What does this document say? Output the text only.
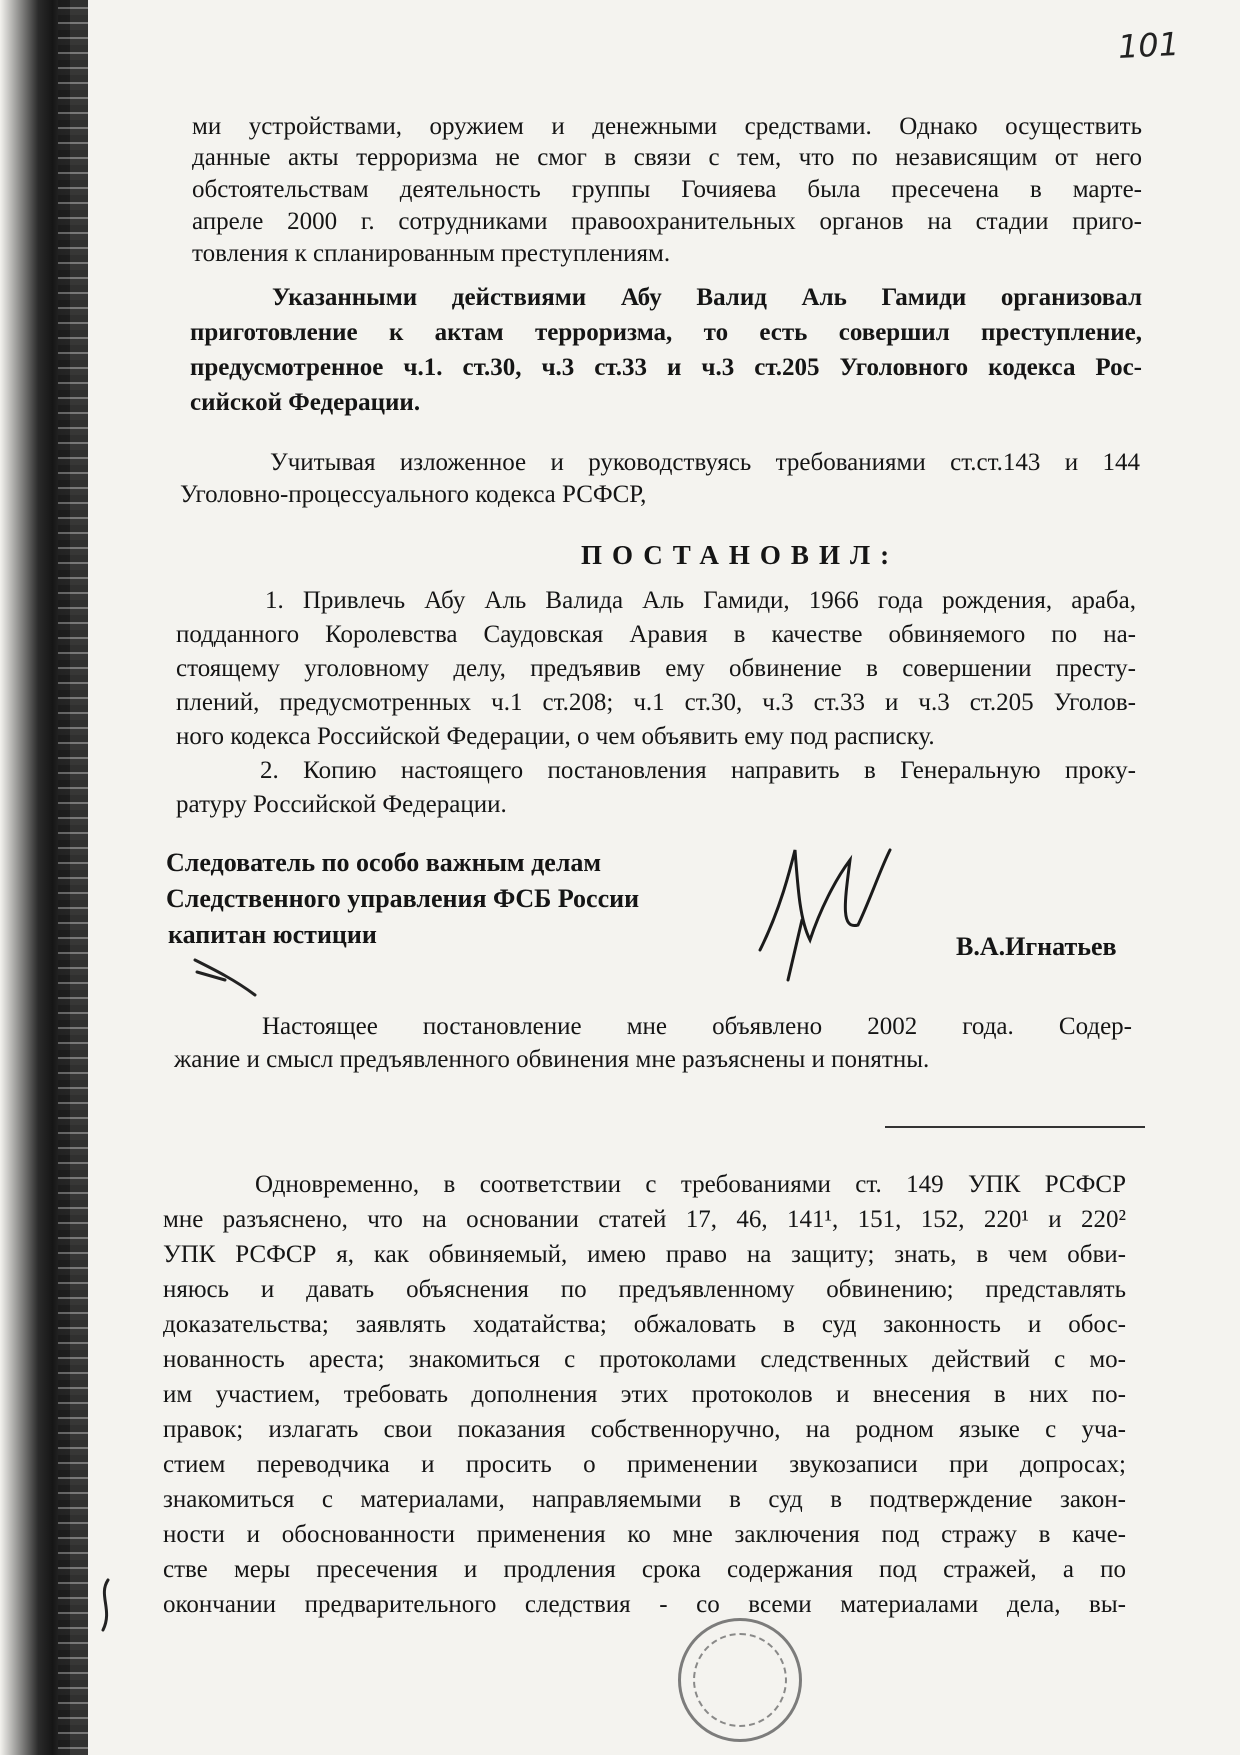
101
ми устройствами, оружием и денежными средствами. Однако осуществить
данные акты терроризма не смог в связи с тем, что по независящим от него
обстоятельствам деятельность группы Гочияева была пресечена в марте-
апреле 2000 г. сотрудниками правоохранительных органов на стадии приго-
товления к спланированным преступлениям.
Указанными действиями Абу Валид Аль Гамиди организовал
приготовление к актам терроризма, то есть совершил преступление,
предусмотренное ч.1. ст.30, ч.3 ст.33 и ч.3 ст.205 Уголовного кодекса Рос-
сийской Федерации.
Учитывая изложенное и руководствуясь требованиями ст.ст.143 и 144
Уголовно-процессуального кодекса РСФСР,
ПОСТАНОВИЛ:
1. Привлечь Абу Аль Валида Аль Гамиди, 1966 года рождения, араба,
подданного Королевства Саудовская Аравия в качестве обвиняемого по на-
стоящему уголовному делу, предъявив ему обвинение в совершении престу-
плений, предусмотренных ч.1 ст.208; ч.1 ст.30, ч.3 ст.33 и ч.3 ст.205 Уголов-
ного кодекса Российской Федерации, о чем объявить ему под расписку.
2. Копию настоящего постановления направить в Генеральную проку-
ратуру Российской Федерации.
Следователь по особо важным делам
Следственного управления ФСБ России
капитан юстиции	В.А.Игнатьев
Настоящее постановление мне объявлено 2002 года. Содер-
жание и смысл предъявленного обвинения мне разъяснены и понятны.
Одновременно, в соответствии с требованиями ст. 149 УПК РСФСР
мне разъяснено, что на основании статей 17, 46, 141¹, 151, 152, 220¹ и 220²
УПК РСФСР я, как обвиняемый, имею право на защиту; знать, в чем обви-
няюсь и давать объяснения по предъявленному обвинению; представлять
доказательства; заявлять ходатайства; обжаловать в суд законность и обос-
нованность ареста; знакомиться с протоколами следственных действий с мо-
им участием, требовать дополнения этих протоколов и внесения в них по-
правок; излагать свои показания собственноручно, на родном языке с уча-
стием переводчика и просить о применении звукозаписи при допросах;
знакомиться с материалами, направляемыми в суд в подтверждение закон-
ности и обоснованности применения ко мне заключения под стражу в каче-
стве меры пресечения и продления срока содержания под стражей, а по
окончании предварительного следствия - со всеми материалами дела, вы-
